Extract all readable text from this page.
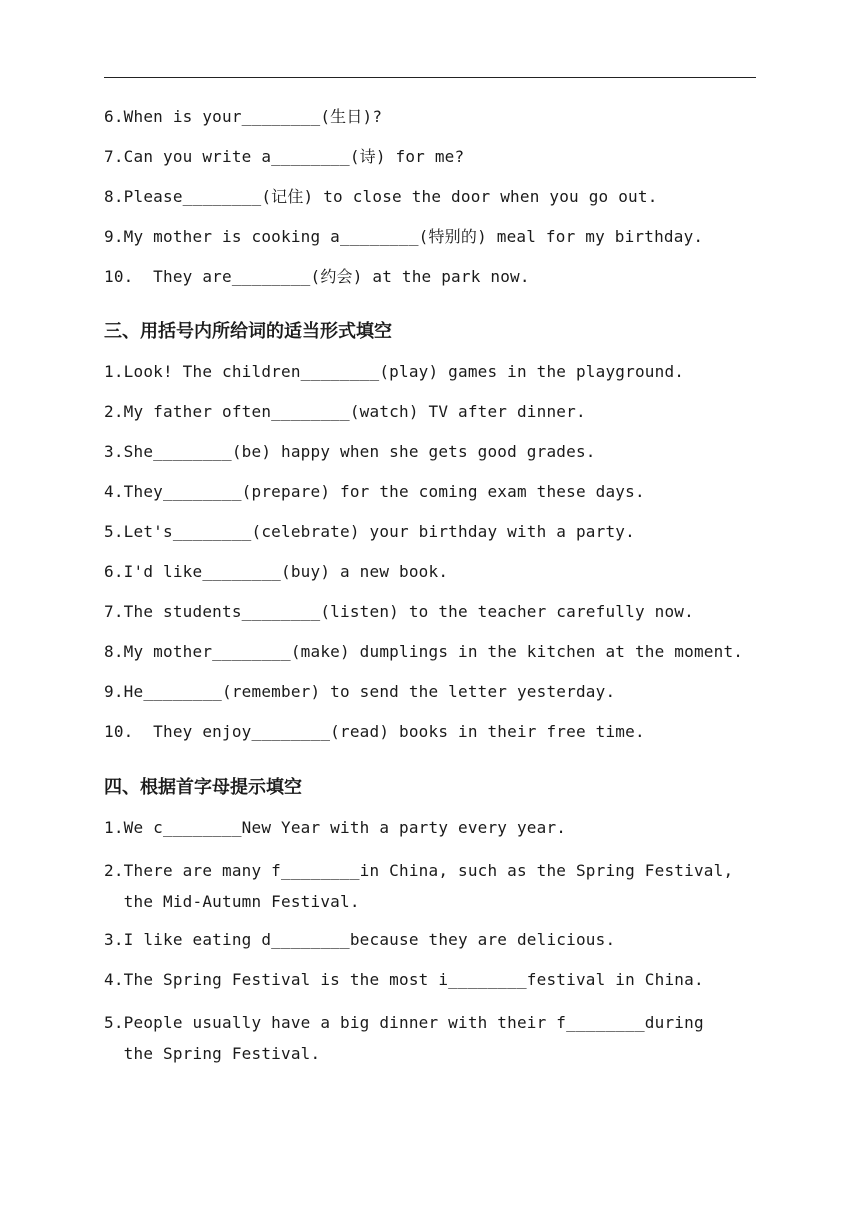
6.When is your________(生日)?
7.Can you write a________(诗) for me?
8.Please________(记住) to close the door when you go out.
9.My mother is cooking a________(特别的) meal for my birthday.
10.  They are________(约会) at the park now.
三、用括号内所给词的适当形式填空
1.Look! The children________(play) games in the playground.
2.My father often________(watch) TV after dinner.
3.She________(be) happy when she gets good grades.
4.They________(prepare) for the coming exam these days.
5.Let's________(celebrate) your birthday with a party.
6.I'd like________(buy) a new book.
7.The students________(listen) to the teacher carefully now.
8.My mother________(make) dumplings in the kitchen at the moment.
9.He________(remember) to send the letter yesterday.
10.  They enjoy________(read) books in their free time.
四、根据首字母提示填空
1.We c________New Year with a party every year.
2.There are many f________in China, such as the Spring Festival,
the Mid-Autumn Festival.
3.I like eating d________because they are delicious.
4.The Spring Festival is the most i________festival in China.
5.People usually have a big dinner with their f________during
the Spring Festival.
